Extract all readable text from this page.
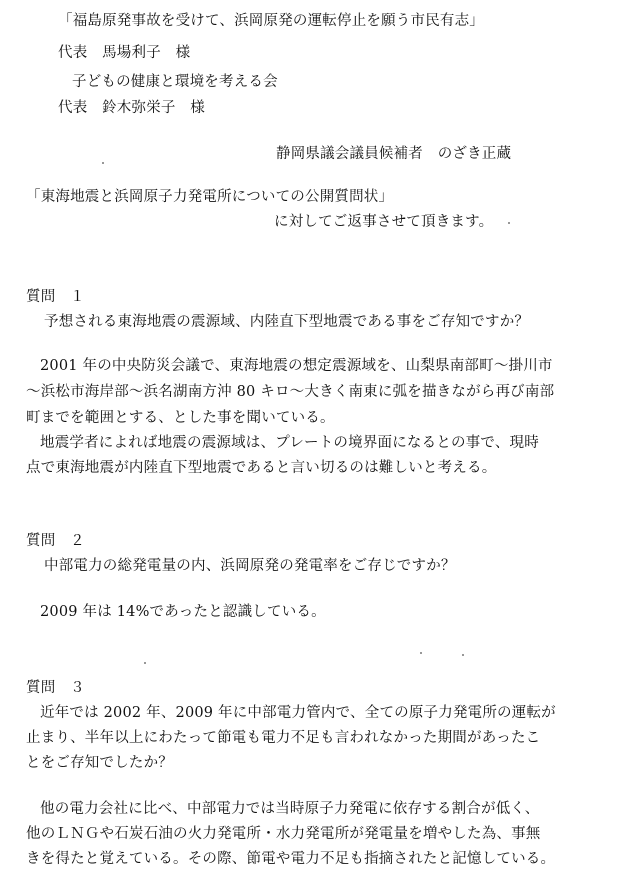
「福島原発事故を受けて、浜岡原発の運転停止を願う市民有志」
代表　馬場利子　様
子どもの健康と環境を考える会
代表　鈴木弥栄子　様
静岡県議会議員候補者　のざき正蔵
「東海地震と浜岡原子力発電所についての公開質問状」
に対してご返事させて頂きます。
質問　１
予想される東海地震の震源域、内陸直下型地震である事をご存知ですか？
2001 年の中央防災会議で、東海地震の想定震源域を、山梨県南部町～掛川市
～浜松市海岸部～浜名湖南方沖 80 キロ～大きく南東に弧を描きながら再び南部
町までを範囲とする、とした事を聞いている。
地震学者によれば地震の震源域は、プレートの境界面になるとの事で、現時
点で東海地震が内陸直下型地震であると言い切るのは難しいと考える。
質問　２
中部電力の総発電量の内、浜岡原発の発電率をご存じですか？
2009 年は 14%であったと認識している。
質問　３
近年では 2002 年、2009 年に中部電力管内で、全ての原子力発電所の運転が
止まり、半年以上にわたって節電も電力不足も言われなかった期間があったこ
とをご存知でしたか？
他の電力会社に比べ、中部電力では当時原子力発電に依存する割合が低く、
他のＬＮＧや石炭石油の火力発電所・水力発電所が発電量を増やした為、事無
きを得たと覚えている。その際、節電や電力不足も指摘されたと記憶している。
